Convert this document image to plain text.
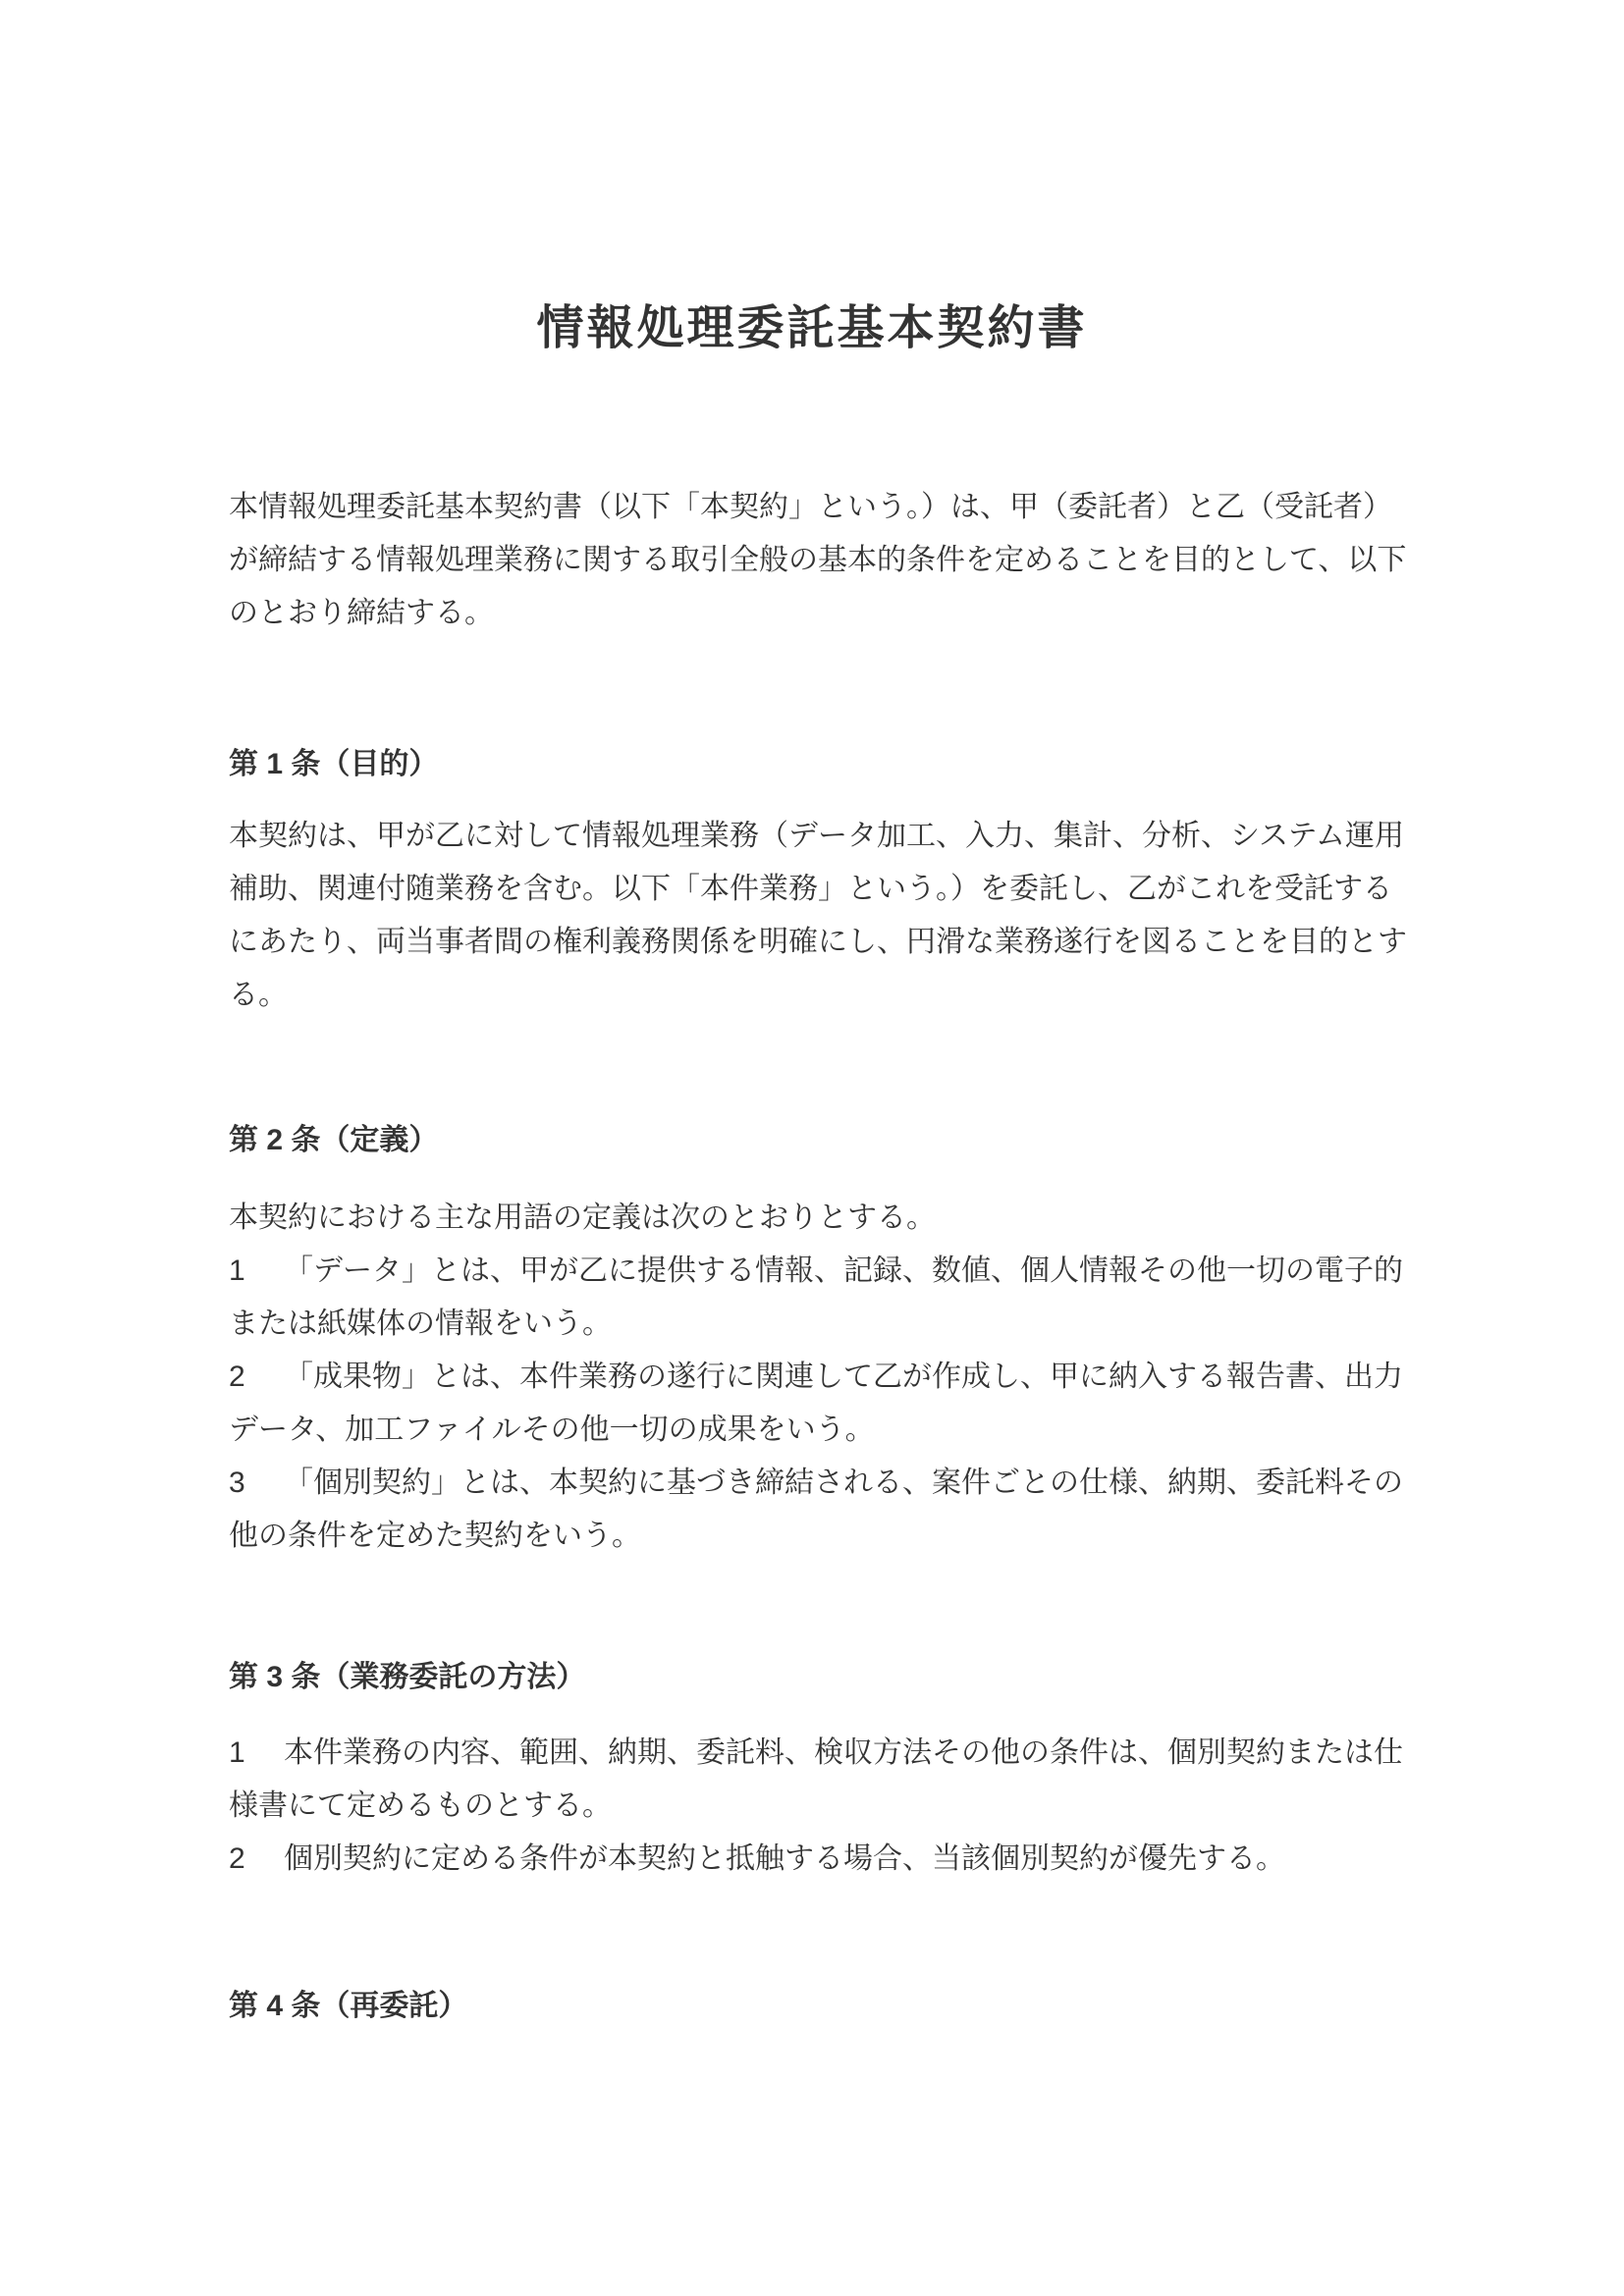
情報処理委託基本契約書
本情報処理委託基本契約書（以下「本契約」という。）は、甲（委託者）と乙（受託者）
が締結する情報処理業務に関する取引全般の基本的条件を定めることを目的として、以下
のとおり締結する。
第 1 条（目的）
本契約は、甲が乙に対して情報処理業務（データ加工、入力、集計、分析、システム運用
補助、関連付随業務を含む。以下「本件業務」という。）を委託し、乙がこれを受託する
にあたり、両当事者間の権利義務関係を明確にし、円滑な業務遂行を図ることを目的とす
る。
第 2 条（定義）
本契約における主な用語の定義は次のとおりとする。
1 「データ」とは、甲が乙に提供する情報、記録、数値、個人情報その他一切の電子的
または紙媒体の情報をいう。
2 「成果物」とは、本件業務の遂行に関連して乙が作成し、甲に納入する報告書、出力
データ、加工ファイルその他一切の成果をいう。
3 「個別契約」とは、本契約に基づき締結される、案件ごとの仕様、納期、委託料その
他の条件を定めた契約をいう。
第 3 条（業務委託の方法）
1 本件業務の内容、範囲、納期、委託料、検収方法その他の条件は、個別契約または仕
様書にて定めるものとする。
2 個別契約に定める条件が本契約と抵触する場合、当該個別契約が優先する。
第 4 条（再委託）
